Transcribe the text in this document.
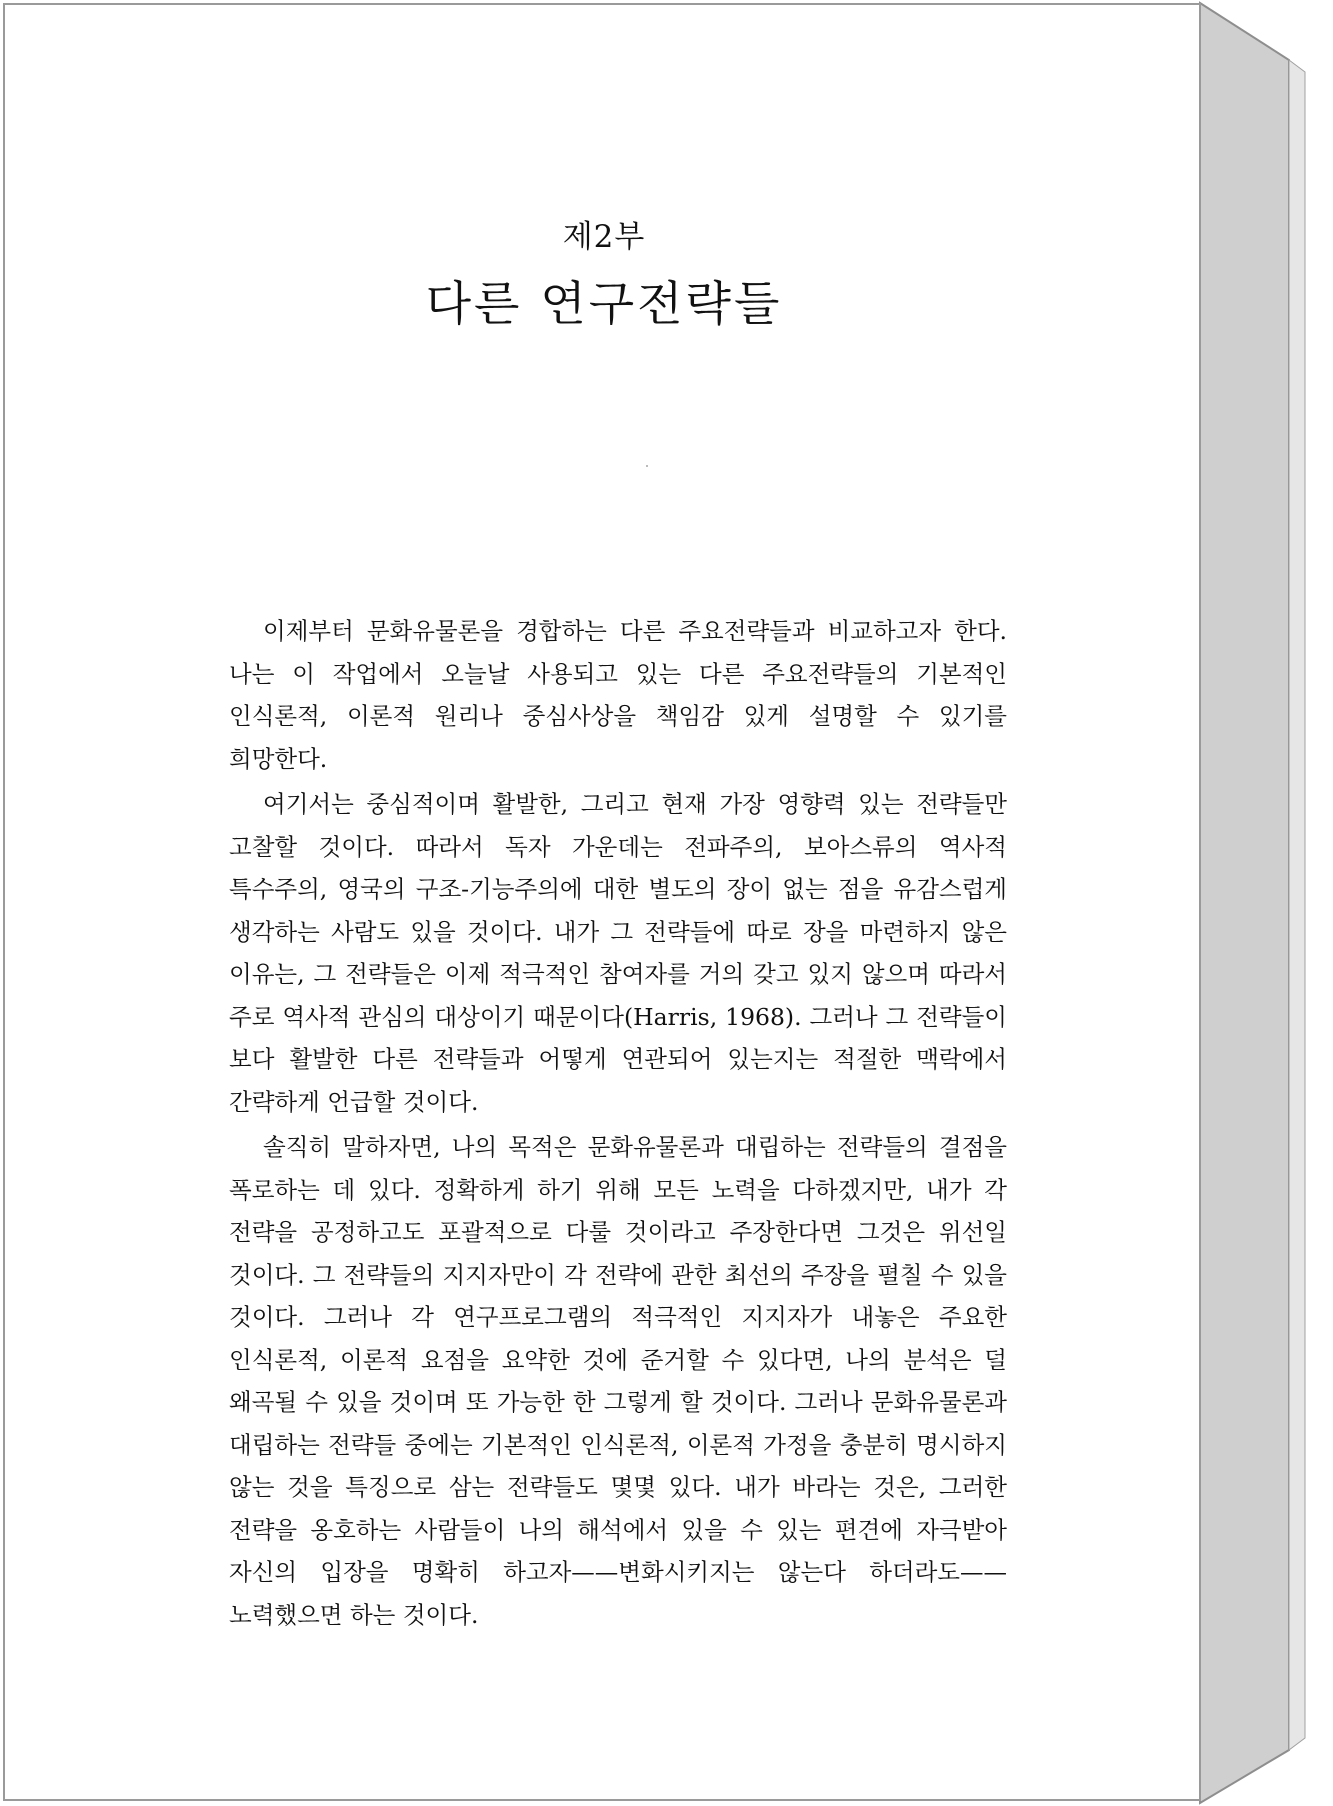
제2부
다른 연구전략들

이제부터 문화유물론을 경합하는 다른 주요전략들과 비교하고자 한다. 나는 이 작업에서 오늘날 사용되고 있는 다른 주요전략들의 기본적인 인식론적, 이론적 원리나 중심사상을 책임감 있게 설명할 수 있기를 희망한다.

여기서는 중심적이며 활발한, 그리고 현재 가장 영향력 있는 전략들만 고찰할 것이다. 따라서 독자 가운데는 전파주의, 보아스류의 역사적 특수주의, 영국의 구조-기능주의에 대한 별도의 장이 없는 점을 유감스럽게 생각하는 사람도 있을 것이다. 내가 그 전략들에 따로 장을 마련하지 않은 이유는, 그 전략들은 이제 적극적인 참여자를 거의 갖고 있지 않으며 따라서 주로 역사적 관심의 대상이기 때문이다(Harris, 1968). 그러나 그 전략들이 보다 활발한 다른 전략들과 어떻게 연관되어 있는지는 적절한 맥락에서 간략하게 언급할 것이다.

솔직히 말하자면, 나의 목적은 문화유물론과 대립하는 전략들의 결점을 폭로하는 데 있다. 정확하게 하기 위해 모든 노력을 다하겠지만, 내가 각 전략을 공정하고도 포괄적으로 다룰 것이라고 주장한다면 그것은 위선일 것이다. 그 전략들의 지지자만이 각 전략에 관한 최선의 주장을 펼칠 수 있을 것이다. 그러나 각 연구프로그램의 적극적인 지지자가 내놓은 주요한 인식론적, 이론적 요점을 요약한 것에 준거할 수 있다면, 나의 분석은 덜 왜곡될 수 있을 것이며 또 가능한 한 그렇게 할 것이다. 그러나 문화유물론과 대립하는 전략들 중에는 기본적인 인식론적, 이론적 가정을 충분히 명시하지 않는 것을 특징으로 삼는 전략들도 몇몇 있다. 내가 바라는 것은, 그러한 전략을 옹호하는 사람들이 나의 해석에서 있을 수 있는 편견에 자극받아 자신의 입장을 명확히 하고자——변화시키지는 않는다 하더라도——노력했으면 하는 것이다.
